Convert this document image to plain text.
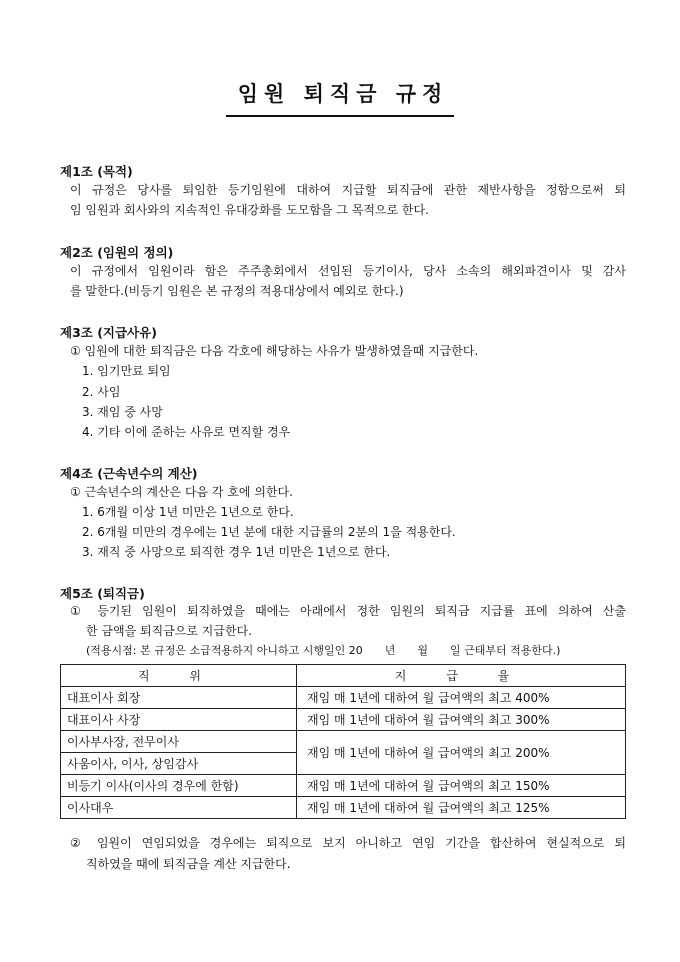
임원 퇴직금 규정
제1조 (목적)
이 규정은 당사를 퇴임한 등기임원에 대하여 지급할 퇴직금에 관한 제반사항을 정함으로써 퇴
임 임원과 회사와의 지속적인 유대강화를 도모함을 그 목적으로 한다.
제2조 (임원의 정의)
이 규정에서 임원이라 함은 주주총회에서 선임된 등기이사, 당사 소속의 해외파견이사 및 감사
를 말한다.(비등기 임원은 본 규정의 적용대상에서 예외로 한다.)
제3조 (지급사유)
① 임원에 대한 퇴직금은 다음 각호에 해당하는 사유가 발생하였을때 지급한다.
1. 임기만료 퇴임
2. 사임
3. 재임 중 사망
4. 기타 이에 준하는 사유로 면직할 경우
제4조 (근속년수의 계산)
① 근속년수의 계산은 다음 각 호에 의한다.
1. 6개월 이상 1년 미만은 1년으로 한다.
2. 6개월 미만의 경우에는 1년 분에 대한 지급률의 2분의 1을 적용한다.
3. 재직 중 사망으로 퇴직한 경우 1년 미만은 1년으로 한다.
제5조 (퇴직금)
① 등기된 임원이 퇴직하였을 때에는 아래에서 정한 임원의 퇴직금 지급률 표에 의하여 산출
한 금액을 퇴직금으로 지급한다.
(적용시점: 본 규정은 소급적용하지 아니하고 시행일인 20　　년　　월　　일 근태부터 적용한다.)
직 위	지 급 율
대표이사 회장	재임 매 1년에 대하여 월 급여액의 최고 400%
대표이사 사장	재임 매 1년에 대하여 월 급여액의 최고 300%
이사부사장, 전무이사	재임 매 1년에 대하여 월 급여액의 최고 200%
사움이사, 이사, 상임감사	
비등기 이사(이사의 경우에 한함)	재임 매 1년에 대하여 월 급여액의 최고 150%
이사대우	재임 매 1년에 대하여 월 급여액의 최고 125%
② 임원이 연임되었을 경우에는 퇴직으로 보지 아니하고 연임 기간을 합산하여 현실적으로 퇴
직하였을 때에 퇴직금을 계산 지급한다.
